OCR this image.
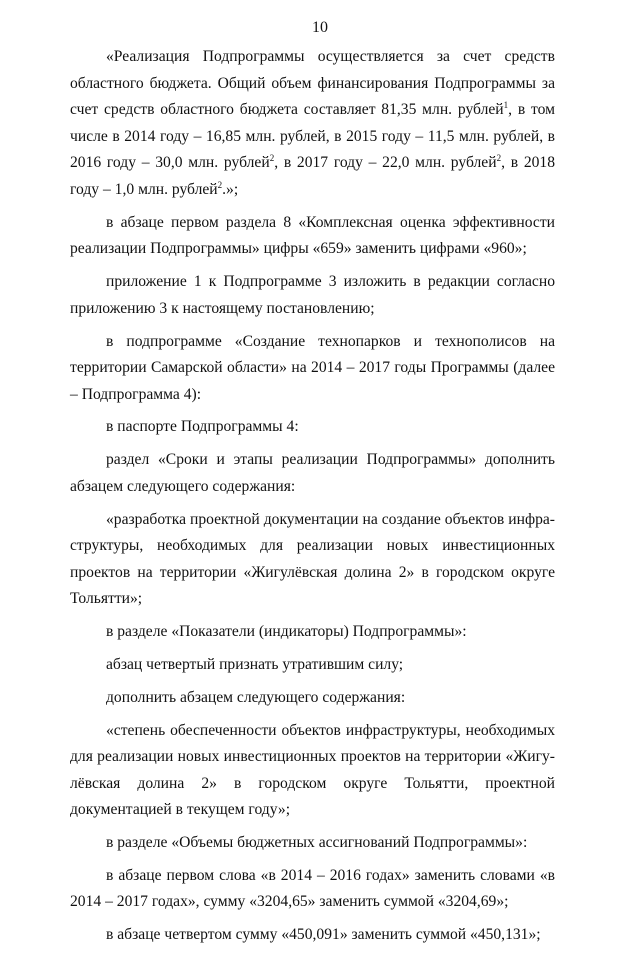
10

«Реализация Подпрограммы осуществляется за счет средств областного бюджета. Общий объем финансирования Подпрограммы за счет средств областного бюджета составляет 81,35 млн. рублей$^1$, в том числе в 2014 году – 16,85 млн. рублей, в 2015 году – 11,5 млн. рублей, в 2016 году – 30,0 млн. рублей$^2$, в 2017 году – 22,0 млн. рублей$^2$, в 2018 году – 1,0 млн. рублей$^2$.»;

в абзаце первом раздела 8 «Комплексная оценка эффективности реализации Подпрограммы» цифры «659» заменить цифрами «960»;

приложение 1 к Подпрограмме 3 изложить в редакции согласно приложению 3 к настоящему постановлению;

в подпрограмме «Создание технопарков и технополисов на территории Самарской области» на 2014 – 2017 годы Программы (далее – Подпрограмма 4):

в паспорте Подпрограммы 4:

раздел «Сроки и этапы реализации Подпрограммы» дополнить абзацем следующего содержания:

«разработка проектной документации на создание объектов инфраструктуры, необходимых для реализации новых инвестиционных проектов на территории «Жигулёвская долина 2» в городском округе Тольятти»;

в разделе «Показатели (индикаторы) Подпрограммы»:

абзац четвертый признать утратившим силу;

дополнить абзацем следующего содержания:

«степень обеспеченности объектов инфраструктуры, необходимых для реализации новых инвестиционных проектов на территории «Жигулёвская долина 2» в городском округе Тольятти, проектной документацией в текущем году»;

в разделе «Объемы бюджетных ассигнований Подпрограммы»:

в абзаце первом слова «в 2014 – 2016 годах» заменить словами «в 2014 – 2017 годах», сумму «3204,65» заменить суммой «3204,69»;

в абзаце четвертом сумму «450,091» заменить суммой «450,131»;
